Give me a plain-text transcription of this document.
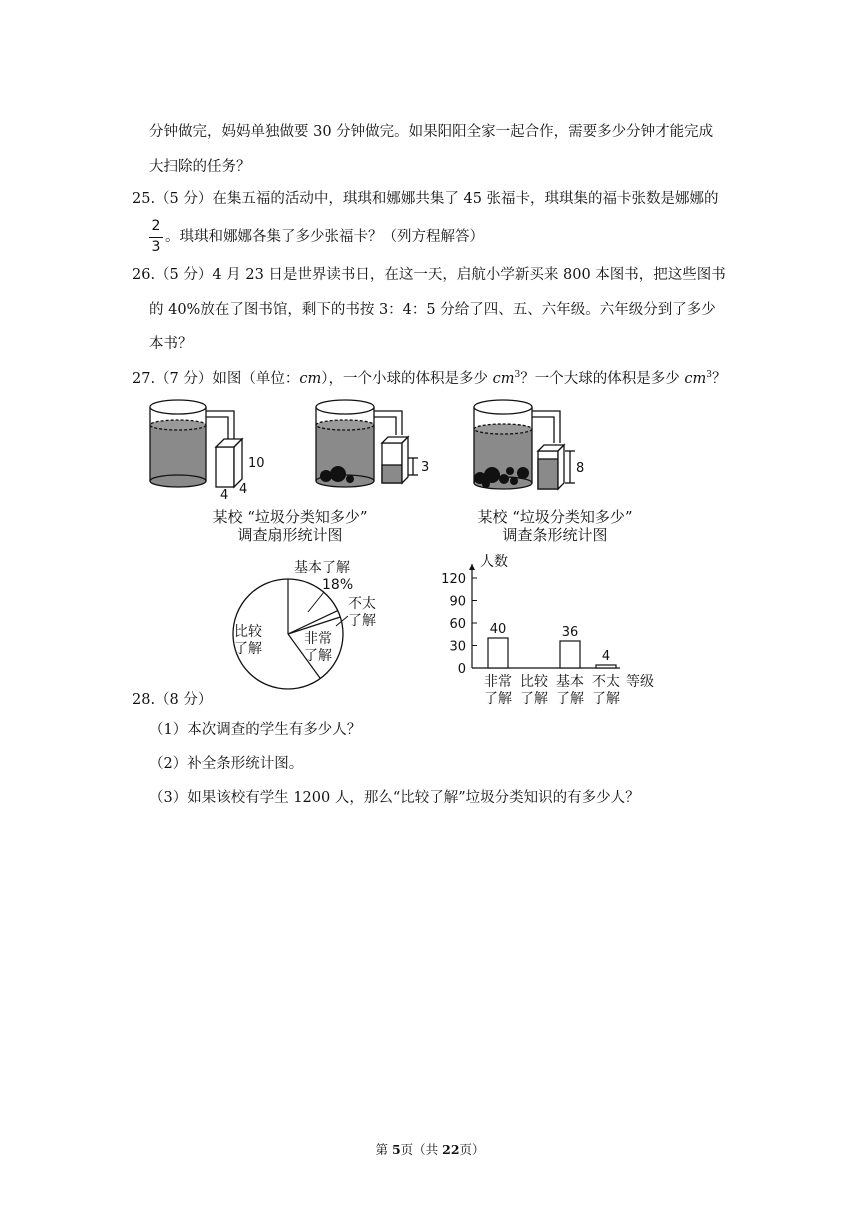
分钟做完，妈妈单独做要 30 分钟做完。如果阳阳全家一起合作，需要多少分钟才能完成
大扫除的任务？
25.（5 分）在集五福的活动中，琪琪和娜娜共集了 45 张福卡，琪琪集的福卡张数是娜娜的
2
3
。琪琪和娜娜各集了多少张福卡？（列方程解答）
26.（5 分）4 月 23 日是世界读书日，在这一天，启航小学新买来 800 本图书，把这些图书
的 40%放在了图书馆，剩下的书按 3：4：5 分给了四、五、六年级。六年级分到了多少
本书？
27.（7 分）如图（单位：cm），一个小球的体积是多少 $cm^3$？一个大球的体积是多少 $cm^3$？
10
4 4
3	8
某校 “垃圾分类知多少”
调查扇形统计图
某校 “垃圾分类知多少”
调查条形统计图
基本了解
18%
不太
了解
比较
了解
非常
了解
人数
0
30
60
90
120
40
非常
了解
比较
了解
36
基本
了解
4
不太
了解
等级
28.（8 分）
（1）本次调查的学生有多少人？
（2）补全条形统计图。
（3）如果该校有学生 1200 人，那么“比较了解”垃圾分类知识的有多少人？
第 5页（共 22页）
